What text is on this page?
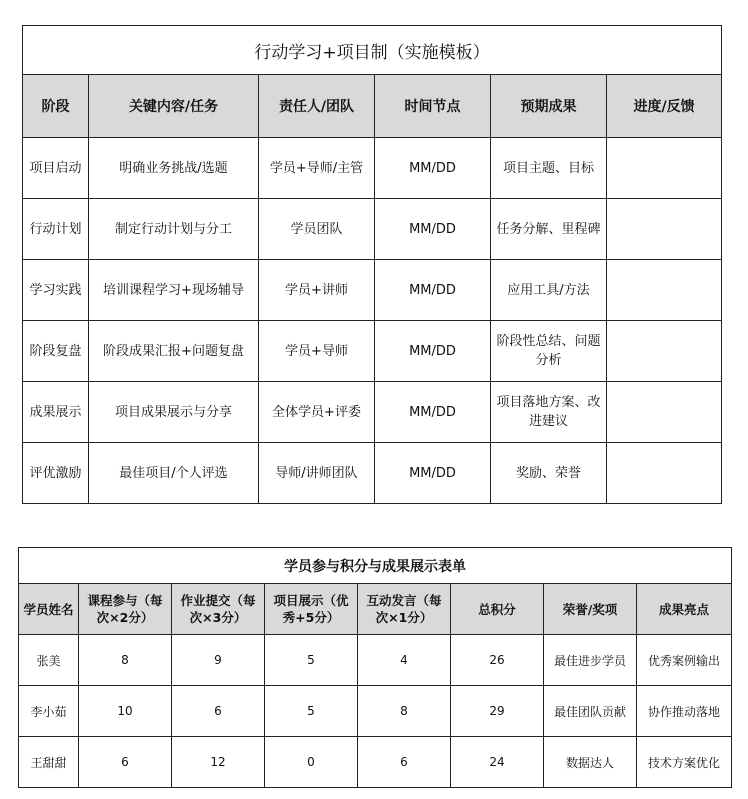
行动学习+项目制（实施模板）					
阶段	关键内容/任务	责任人/团队	时间节点	预期成果	进度/反馈
项目启动	明确业务挑战/选题	学员+导师/主管	MM/DD	项目主题、目标	
行动计划	制定行动计划与分工	学员团队	MM/DD	任务分解、里程碑	
学习实践	培训课程学习+现场辅导	学员+讲师	MM/DD	应用工具/方法	
阶段复盘	阶段成果汇报+问题复盘	学员+导师	MM/DD	阶段性总结、问题分析	
成果展示	项目成果展示与分享	全体学员+评委	MM/DD	项目落地方案、改进建议	
评优激励	最佳项目/个人评选	导师/讲师团队	MM/DD	奖励、荣誉	
学员参与积分与成果展示表单							
学员姓名	课程参与（每次×2分）	作业提交（每次×3分）	项目展示（优秀+5分）	互动发言（每次×1分）	总积分	荣誉/奖项	成果亮点
张美	8	9	5	4	26	最佳进步学员	优秀案例输出
李小茹	10	6	5	8	29	最佳团队贡献	协作推动落地
王甜甜	6	12	0	6	24	数据达人	技术方案优化
